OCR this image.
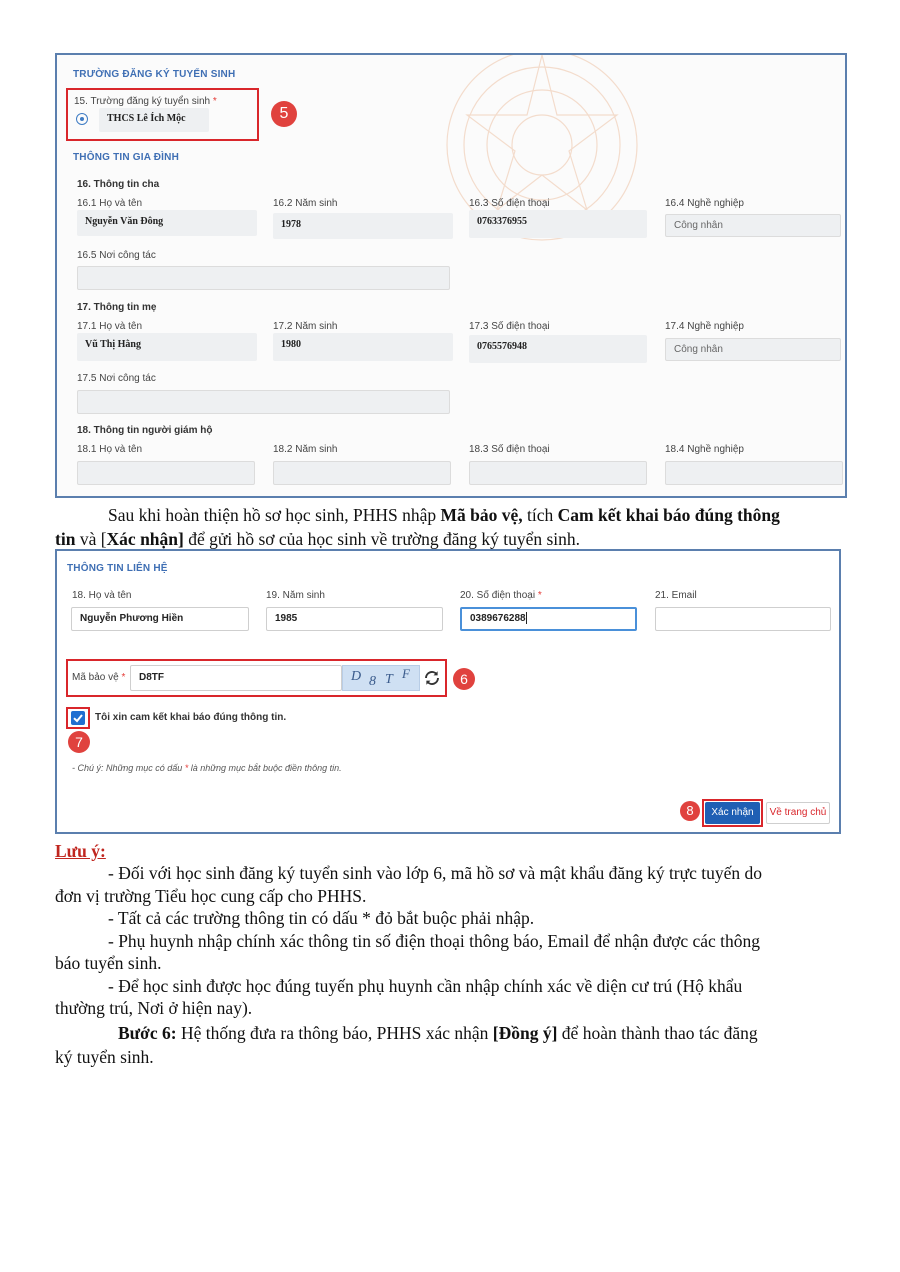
TRƯỜNG ĐĂNG KÝ TUYỂN SINH
15. Trường đăng ký tuyển sinh *
THCS Lê Ích Mộc	5
THÔNG TIN GIA ĐÌNH
16. Thông tin cha
16.1 Họ và tên	16.2 Năm sinh	16.3 Số điện thoại	16.4 Nghề nghiệp
Nguyễn Văn Đông	1978	0763376955	Công nhân
16.5 Nơi công tác
17. Thông tin mẹ
17.1 Họ và tên	17.2 Năm sinh	17.3 Số điện thoại	17.4 Nghề nghiệp
Vũ Thị Hằng	1980	0765576948	Công nhân
17.5 Nơi công tác
18. Thông tin người giám hộ
18.1 Họ và tên	18.2 Năm sinh	18.3 Số điện thoại	18.4 Nghề nghiệp
Sau khi hoàn thiện hồ sơ học sinh, PHHS nhập Mã bảo vệ, tích Cam kết khai báo đúng thông
tin và [Xác nhận] để gửi hồ sơ của học sinh về trường đăng ký tuyển sinh.
THÔNG TIN LIÊN HỆ
18. Họ và tên	19. Năm sinh	20. Số điện thoại *	21. Email
Nguyễn Phương Hiền	1985	0389676288
Mã bảo vệ *	D8TF	D 8 T F	6
Tôi xin cam kết khai báo đúng thông tin.
7
- Chú ý: Những mục có dấu * là những mục bắt buộc điền thông tin.
8	Xác nhận	Về trang chủ
Lưu ý:
- Đối với học sinh đăng ký tuyển sinh vào lớp 6, mã hồ sơ và mật khẩu đăng ký trực tuyến do
đơn vị trường Tiểu học cung cấp cho PHHS.
- Tất cả các trường thông tin có dấu * đỏ bắt buộc phải nhập.
- Phụ huynh nhập chính xác thông tin số điện thoại thông báo, Email để nhận được các thông
báo tuyển sinh.
- Để học sinh được học đúng tuyến phụ huynh cần nhập chính xác về diện cư trú (Hộ khẩu
thường trú, Nơi ở hiện nay).
Bước 6: Hệ thống đưa ra thông báo, PHHS xác nhận [Đồng ý] để hoàn thành thao tác đăng
ký tuyển sinh.
